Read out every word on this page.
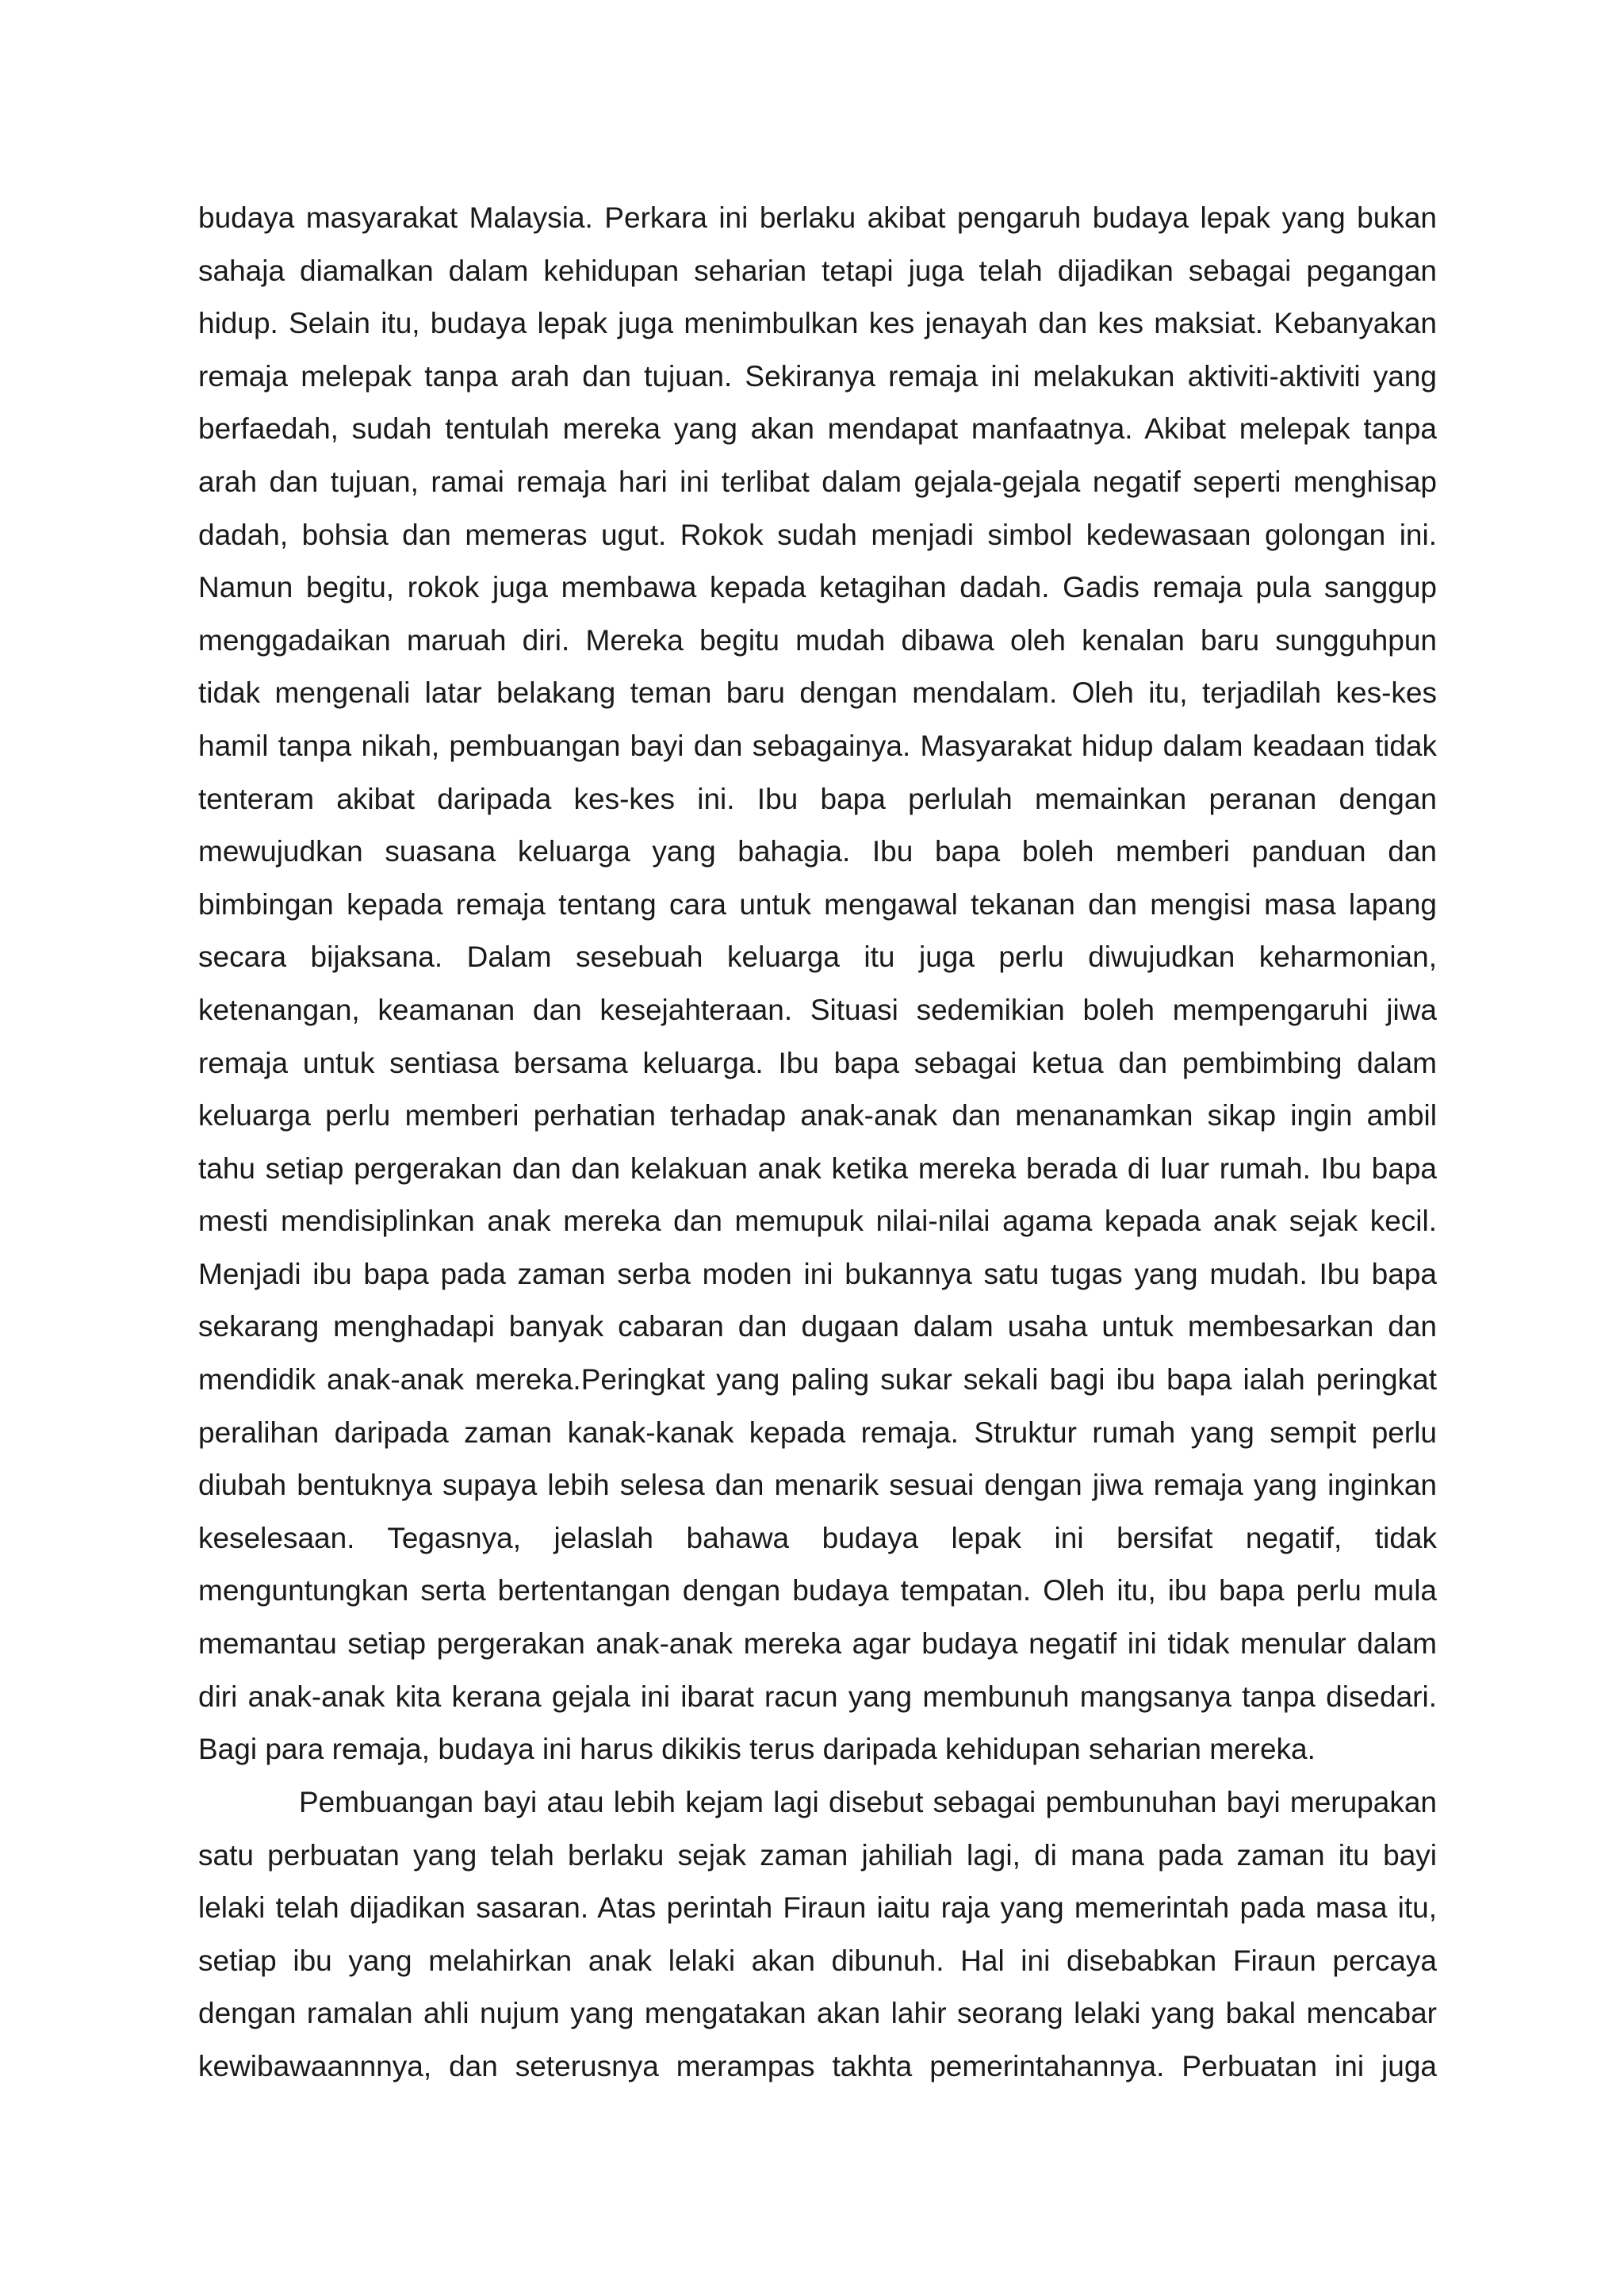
budaya masyarakat Malaysia. Perkara ini berlaku akibat pengaruh budaya lepak yang bukan
sahaja diamalkan dalam kehidupan seharian tetapi juga telah dijadikan sebagai pegangan
hidup. Selain itu, budaya lepak juga menimbulkan kes jenayah dan kes maksiat. Kebanyakan
remaja melepak tanpa arah dan tujuan. Sekiranya remaja ini melakukan aktiviti-aktiviti yang
berfaedah, sudah tentulah mereka yang akan mendapat manfaatnya. Akibat melepak tanpa
arah dan tujuan, ramai remaja hari ini terlibat dalam gejala-gejala negatif seperti menghisap
dadah, bohsia dan memeras ugut. Rokok sudah menjadi simbol kedewasaan golongan ini.
Namun begitu, rokok juga membawa kepada ketagihan dadah. Gadis remaja pula sanggup
menggadaikan maruah diri. Mereka begitu mudah dibawa oleh kenalan baru sungguhpun
tidak mengenali latar belakang teman baru dengan mendalam. Oleh itu, terjadilah kes-kes
hamil tanpa nikah, pembuangan bayi dan sebagainya. Masyarakat hidup dalam keadaan tidak
tenteram akibat daripada kes-kes ini. Ibu bapa perlulah memainkan peranan dengan
mewujudkan suasana keluarga yang bahagia. Ibu bapa boleh memberi panduan dan
bimbingan kepada remaja tentang cara untuk mengawal tekanan dan mengisi masa lapang
secara bijaksana. Dalam sesebuah keluarga itu juga perlu diwujudkan keharmonian,
ketenangan, keamanan dan kesejahteraan. Situasi sedemikian boleh mempengaruhi jiwa
remaja untuk sentiasa bersama keluarga. Ibu bapa sebagai ketua dan pembimbing dalam
keluarga perlu memberi perhatian terhadap anak-anak dan menanamkan sikap ingin ambil
tahu setiap pergerakan dan dan kelakuan anak ketika mereka berada di luar rumah. Ibu bapa
mesti mendisiplinkan anak mereka dan memupuk nilai-nilai agama kepada anak sejak kecil.
Menjadi ibu bapa pada zaman serba moden ini bukannya satu tugas yang mudah. Ibu bapa
sekarang menghadapi banyak cabaran dan dugaan dalam usaha untuk membesarkan dan
mendidik anak-anak mereka.Peringkat yang paling sukar sekali bagi ibu bapa ialah peringkat
peralihan daripada zaman kanak-kanak kepada remaja. Struktur rumah yang sempit perlu
diubah bentuknya supaya lebih selesa dan menarik sesuai dengan jiwa remaja yang inginkan
keselesaan. Tegasnya, jelaslah bahawa budaya lepak ini bersifat negatif, tidak
menguntungkan serta bertentangan dengan budaya tempatan. Oleh itu, ibu bapa perlu mula
memantau setiap pergerakan anak-anak mereka agar budaya negatif ini tidak menular dalam
diri anak-anak kita kerana gejala ini ibarat racun yang membunuh mangsanya tanpa disedari.
Bagi para remaja, budaya ini harus dikikis terus daripada kehidupan seharian mereka.
Pembuangan bayi atau lebih kejam lagi disebut sebagai pembunuhan bayi merupakan
satu perbuatan yang telah berlaku sejak zaman jahiliah lagi, di mana pada zaman itu bayi
lelaki telah dijadikan sasaran. Atas perintah Firaun iaitu raja yang memerintah pada masa itu,
setiap ibu yang melahirkan anak lelaki akan dibunuh. Hal ini disebabkan Firaun percaya
dengan ramalan ahli nujum yang mengatakan akan lahir seorang lelaki yang bakal mencabar
kewibawaannnya, dan seterusnya merampas takhta pemerintahannya. Perbuatan ini juga
